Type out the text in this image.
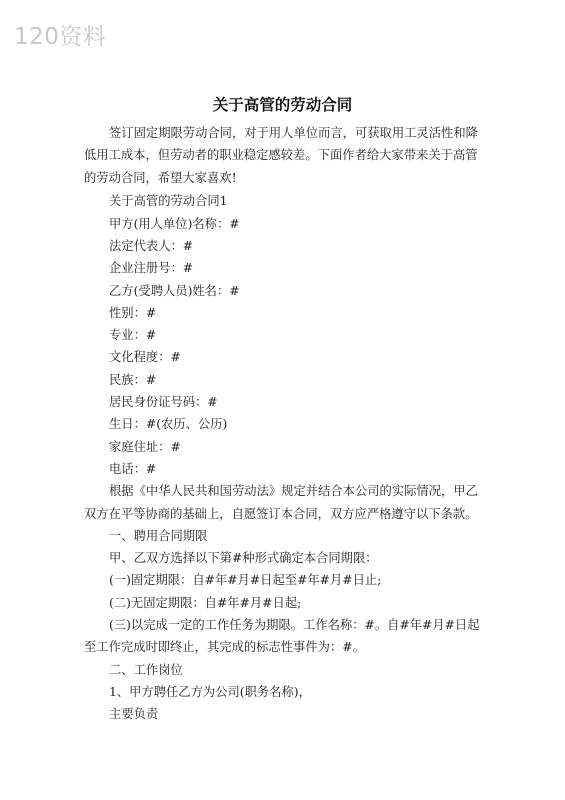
120资料
关于高管的劳动合同

签订固定期限劳动合同，对于用人单位而言，可获取用工灵活性和降低用工成本，但劳动者的职业稳定感较差。下面作者给大家带来关于高管的劳动合同，希望大家喜欢!

关于高管的劳动合同1

甲方(用人单位)名称：#

法定代表人：#

企业注册号：#

乙方(受聘人员)姓名：#

性别：#

专业：#

文化程度：#

民族：#

居民身份证号码：#

生日：#(农历、公历)

家庭住址：#

电话：#

根据《中华人民共和国劳动法》规定并结合本公司的实际情况，甲乙双方在平等协商的基础上，自愿签订本合同，双方应严格遵守以下条款。

一、聘用合同期限

甲、乙双方选择以下第#种形式确定本合同期限：

(一)固定期限：自#年#月#日起至#年#月#日止;

(二)无固定期限：自#年#月#日起;

(三)以完成一定的工作任务为期限。工作名称：#。自#年#月#日起至工作完成时即终止，其完成的标志性事件为：#。

二、工作岗位

1、甲方聘任乙方为公司(职务名称)，

主要负责
